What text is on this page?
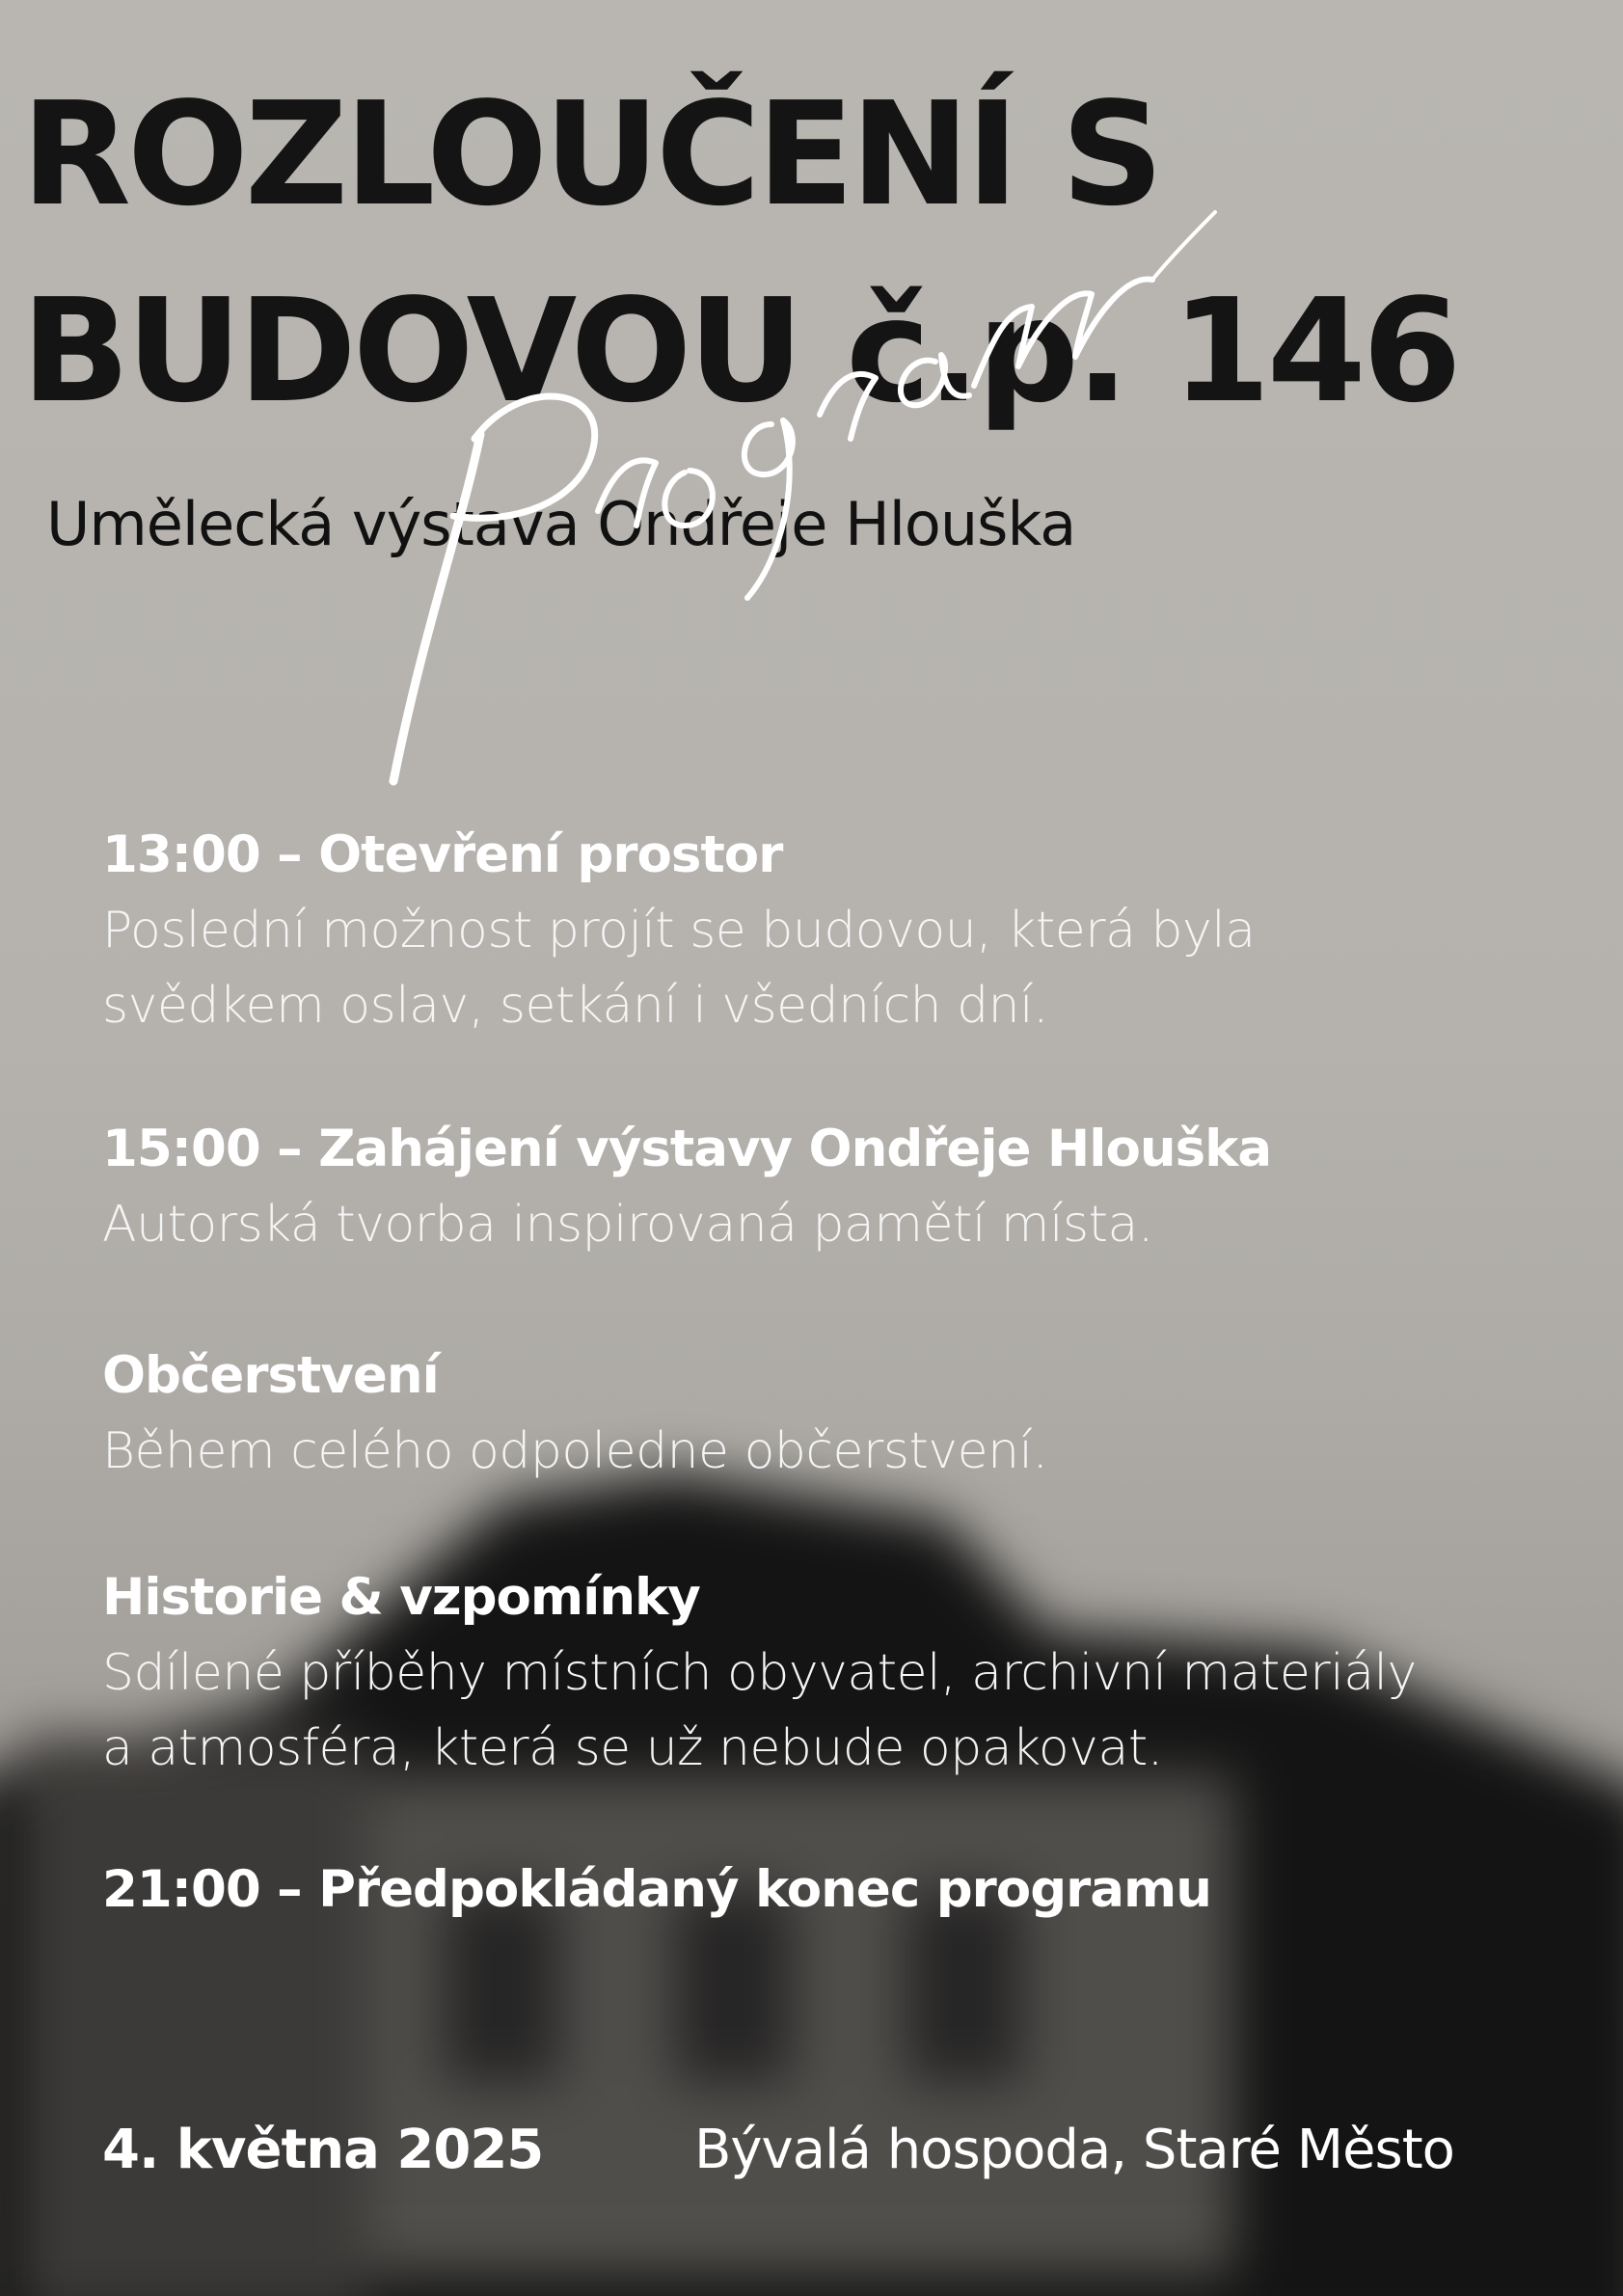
ROZLOUČENÍ S
BUDOVOU č.p. 146
Umělecká výstava Ondřeje Hlouška
13:00 – Otevření prostor
Poslední možnost projít se budovou, která byla
svědkem oslav, setkání i všedních dní.
15:00 – Zahájení výstavy Ondřeje Hlouška
Autorská tvorba inspirovaná pamětí místa.
Občerstvení
Během celého odpoledne občerstvení.
Historie & vzpomínky
Sdílené příběhy místních obyvatel, archivní materiály
a atmosféra, která se už nebude opakovat.
21:00 – Předpokládaný konec programu
4. května 2025	Bývalá hospoda, Staré Město
